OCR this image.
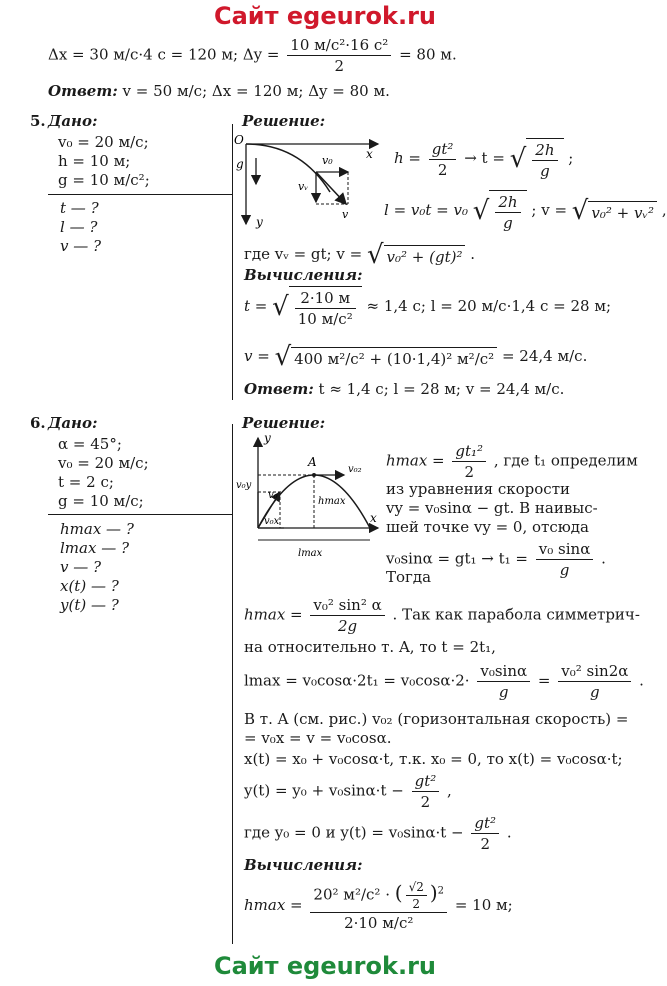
Сайт egeurok.ru
Сайт egeurok.ru
Δx = 30 м/с·4 с = 120 м; $\Delta y = \frac{\text{10 м/с²·16 с²}}{2} = 80$ м.
Ответ: v = 50 м/с; Δx = 120 м; Δy = 80 м.
5. Дано:
v₀ = 20 м/с;
h = 10 м;
g = 10 м/с²;
t — ?
l — ?
v — ?
Решение:
O
x
y
g	v₀
vᵥ
v
$h = \frac{\text{gt²}}{2} \to t$ = √ $\frac{2h}{g}$ ;
l = v₀t = v₀ √ $\frac{2h}{g}$ ; v = √ v₀² + vᵥ² ,
где vᵥ = gt; v = √ v₀² + (gt)² .
Вычисления:
t = √ $\frac{2\cdot 10 м}{\text{10 м/с²}} \approx 1,4$ с; l = 20 м/с·1,4 с = 28 м;
v = √ 400 м²/с² + (10·1,4)² м²/с² = 24,4 м/с.
Ответ: t ≈ 1,4 с; l = 28 м; v = 24,4 м/с.
6. Дано:
α = 45°;
v₀ = 20 м/с;
t = 2 с;
g = 10 м/с;
hmax — ?
lmax — ?
v — ?
x(t) — ?
y(t) — ?
Решение:
y
x
A
v₀₂
v₀y
v₀
hmax
v₀x
lmax
$hmax = \frac{\text{gt₁²}}{2}$ , где t₁ определим
из уравнения скорости
vy = v₀sinα − gt. В наивыс-
шей точке vy = 0, отсюда
$v_0\sin\alpha = gt_1 \to t_1 = \frac{\text{v₀ sinα}}{g}$ .
Тогда
$hmax = \frac{\text{v₀² sin² α}}{2g}$ . Так как парабола симметрич-
на относительно т. A, то t = 2t₁,
$lmax = v_0\cos\alpha\cdot 2t_1 = v_0\cos\alpha\cdot 2\cdot \frac{\text{v₀sinα}}{g} = \frac{\text{v₀² sin2α}}{g}$ .
В т. A (см. рис.) v₀₂ (горизонтальная скорость) =
= v₀x = v = v₀cosα.
x(t) = x₀ + v₀cosα·t, т.к. x₀ = 0, то x(t) = v₀cosα·t;
$y(t) = y_0 + v_0\sin\alpha\cdot t - \frac{\text{gt²}}{2}$ ,
где y₀ = 0 и $y(t) = v_0\sin\alpha\cdot t - \frac{\text{gt²}}{2}$ .
Вычисления:
$hmax = \frac{20^2 м^2/с^2 \cdot ( \frac{√2}{2} )^2}{\text{2·10 м/с²}} = 10$ м;
